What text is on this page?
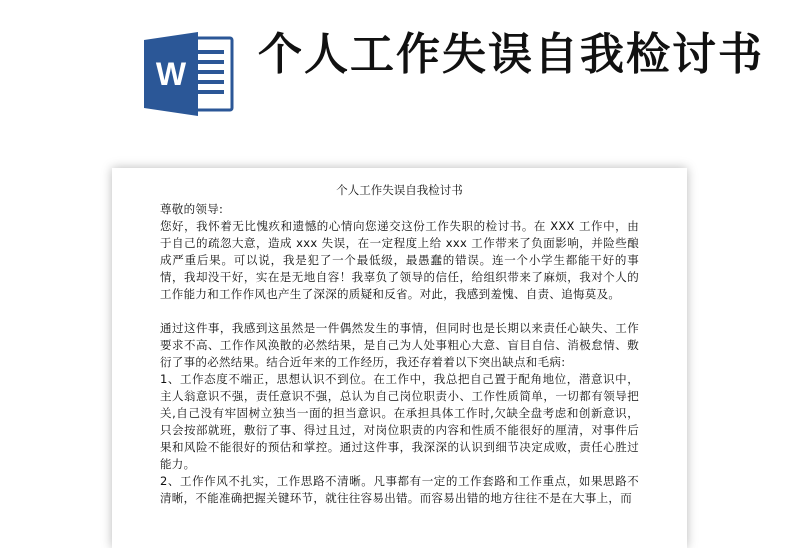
W 个人工作失误自我检讨书

个人工作失误自我检讨书

尊敬的领导:

您好，我怀着无比愧疚和遗憾的心情向您递交这份工作失职的检讨书。在 XXX 工作中，由于自己的疏忽大意，造成 xxx 失误，在一定程度上给 xxx 工作带来了负面影响，并险些酿成严重后果。可以说，我是犯了一个最低级，最愚蠢的错误。连一个小学生都能干好的事情，我却没干好，实在是无地自容！我辜负了领导的信任，给组织带来了麻烦，我对个人的工作能力和工作作风也产生了深深的质疑和反省。对此，我感到羞愧、自责、追悔莫及。

通过这件事，我感到这虽然是一件偶然发生的事情，但同时也是长期以来责任心缺失、工作要求不高、工作作风涣散的必然结果，是自己为人处事粗心大意、盲目自信、消极怠情、敷衍了事的必然结果。结合近年来的工作经历，我还存着着以下突出缺点和毛病:

1、工作态度不端正，思想认识不到位。在工作中，我总把自己置于配角地位，潜意识中，主人翁意识不强，责任意识不强，总认为自己岗位职责小、工作性质简单，一切都有领导把关,自己没有牢固树立独当一面的担当意识。在承担具体工作时,欠缺全盘考虑和创新意识，只会按部就班，敷衍了事、得过且过，对岗位职责的内容和性质不能很好的厘清，对事件后果和风险不能很好的预估和掌控。通过这件事，我深深的认识到细节决定成败，责任心胜过能力。

2、工作作风不扎实，工作思路不清晰。凡事都有一定的工作套路和工作重点，如果思路不清晰，不能准确把握关键环节，就往往容易出错。而容易出错的地方往往不是在大事上，而
